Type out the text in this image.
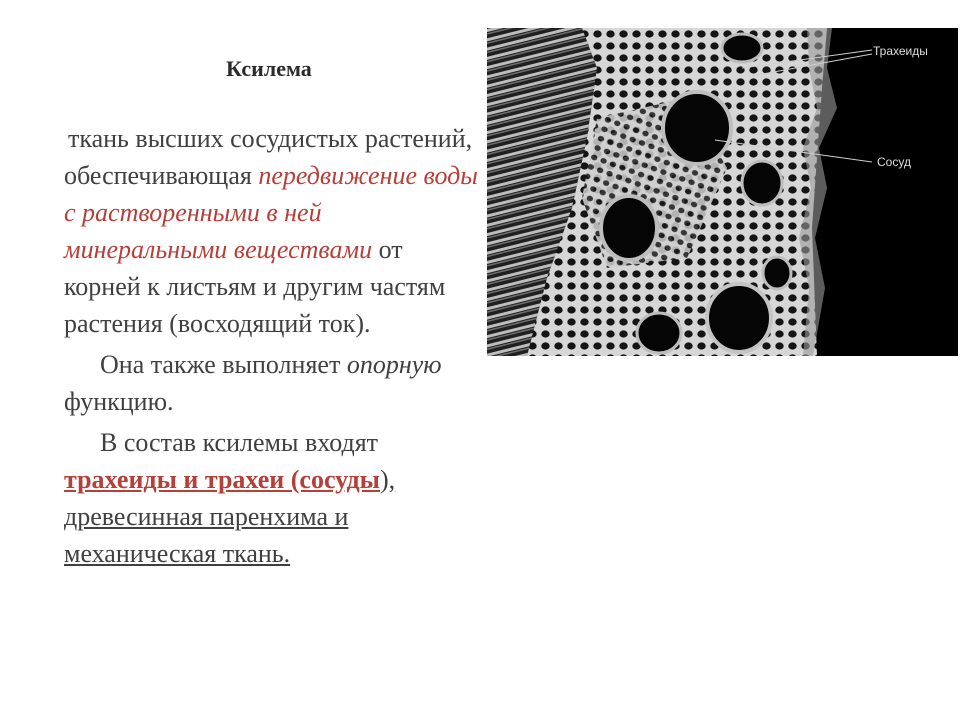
Ксилема

ткань высших сосудистых растений, обеспечивающая передвижение воды с растворенными в ней минеральными веществами от корней к листьям и другим частям растения (восходящий ток).

Она также выполняет опорную функцию.

В состав ксилемы входят трахеиды и трахеи (сосуды), древесинная паренхима и механическая ткань.

Трахеиды
Сосуд
